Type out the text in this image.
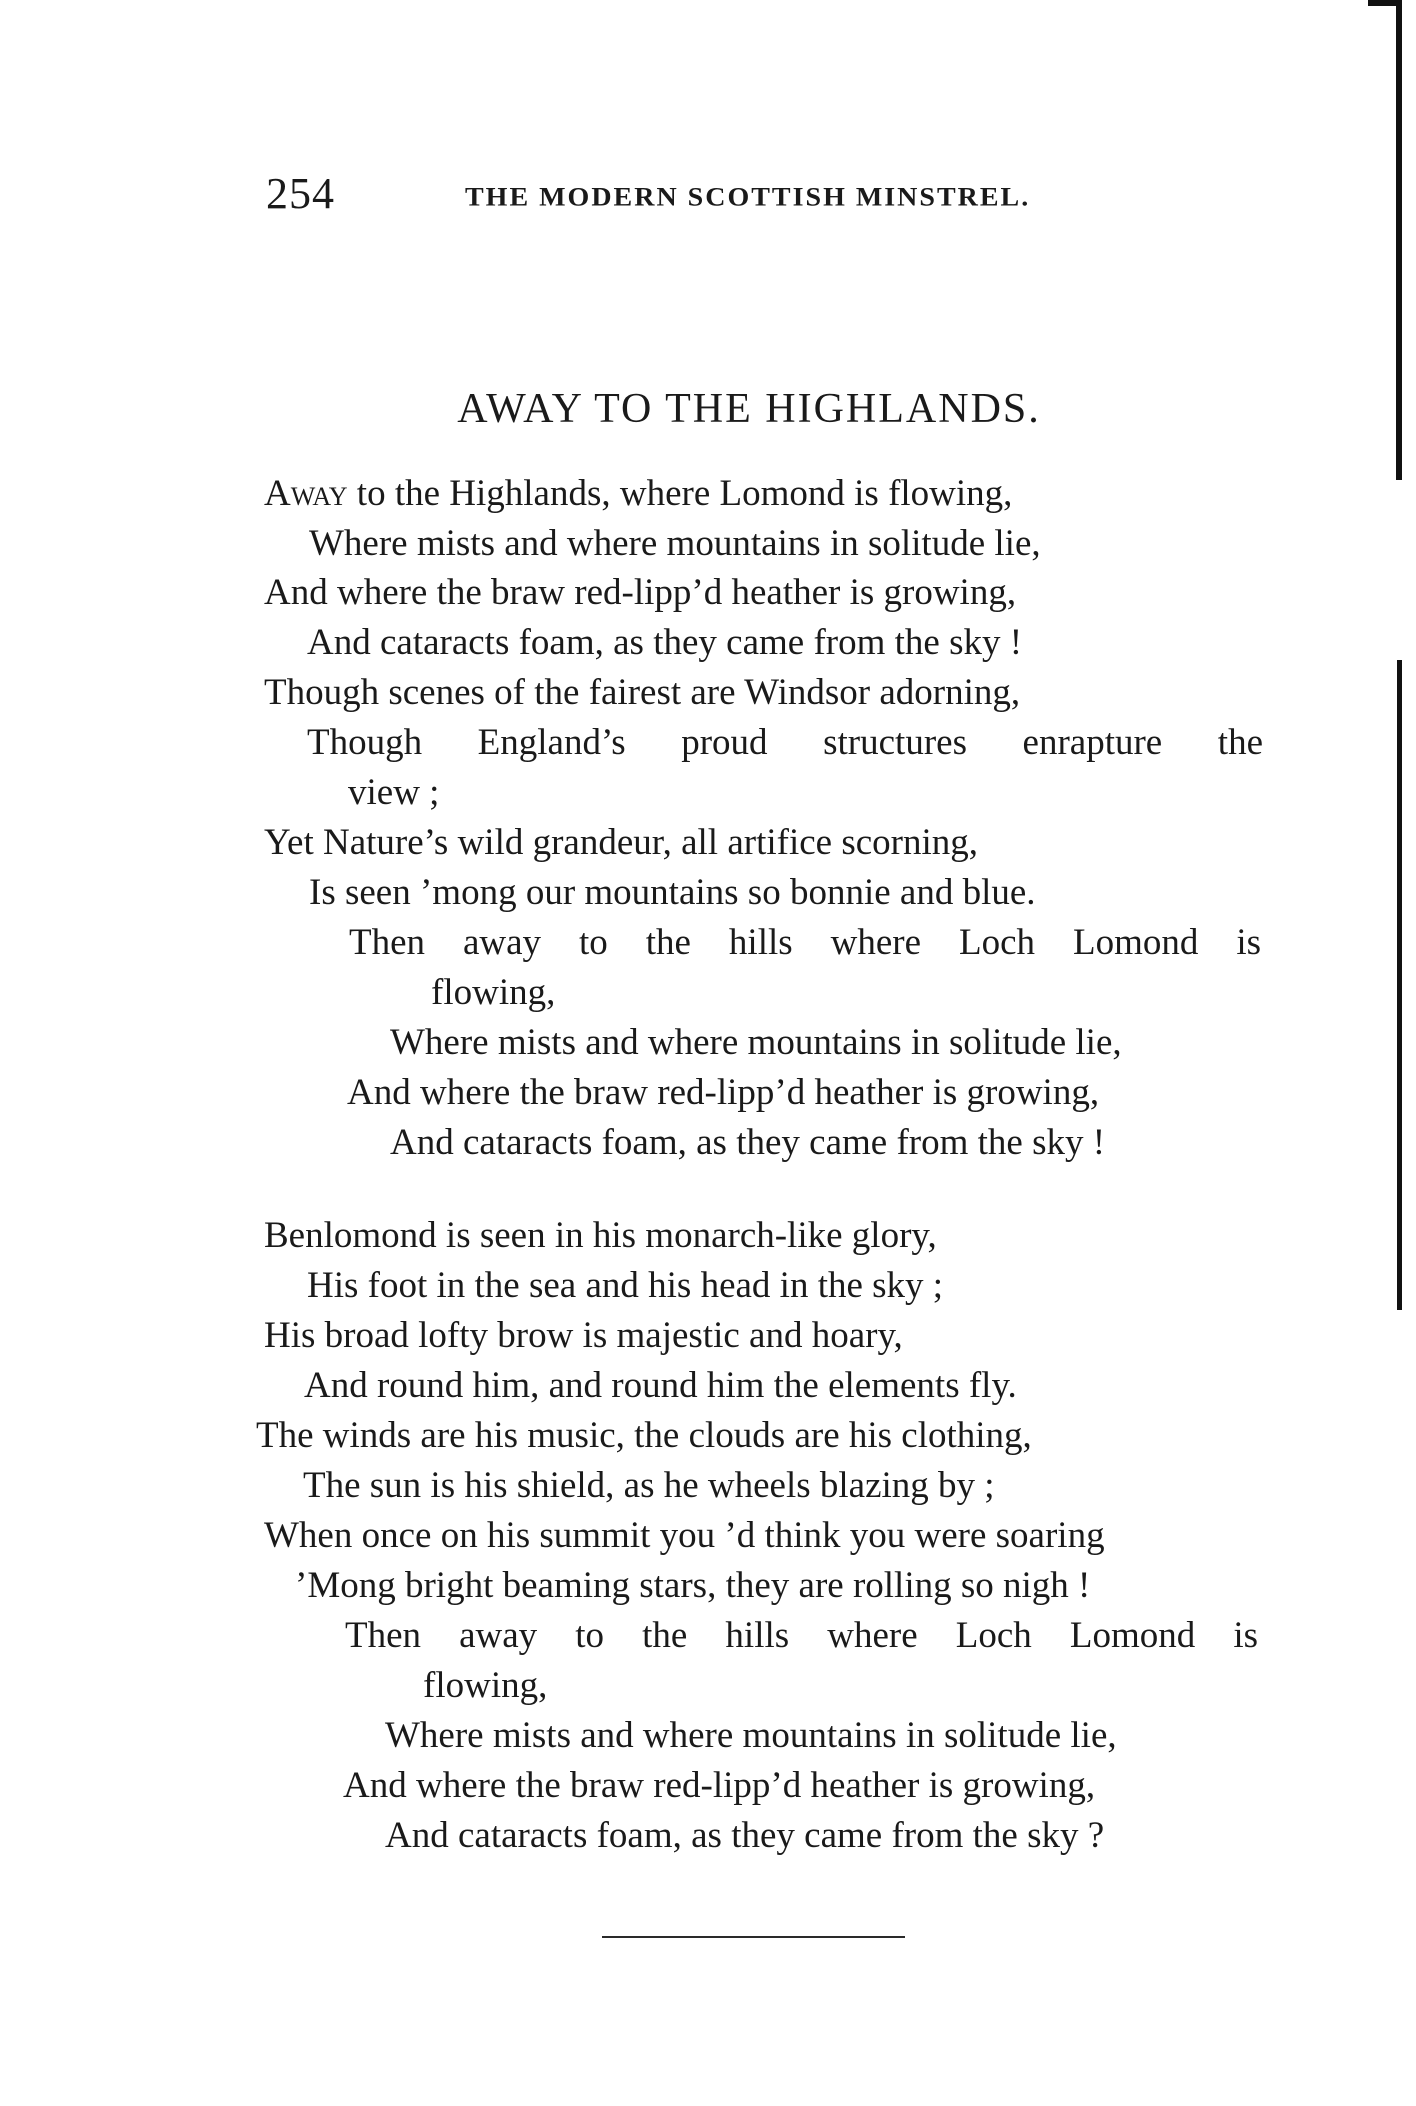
254	THE MODERN SCOTTISH MINSTREL.
AWAY TO THE HIGHLANDS.
Away to the Highlands, where Lomond is flowing,
Where mists and where mountains in solitude lie,
And where the braw red-lipp’d heather is growing,
And cataracts foam, as they came from the sky !
Though scenes of the fairest are Windsor adorning,
Though England’s proud structures enrapture the
view ;
Yet Nature’s wild grandeur, all artifice scorning,
Is seen ’mong our mountains so bonnie and blue.
Then away to the hills where Loch Lomond is
flowing,
Where mists and where mountains in solitude lie,
And where the braw red-lipp’d heather is growing,
And cataracts foam, as they came from the sky !
Benlomond is seen in his monarch-like glory,
His foot in the sea and his head in the sky ;
His broad lofty brow is majestic and hoary,
And round him, and round him the elements fly.
The winds are his music, the clouds are his clothing,
The sun is his shield, as he wheels blazing by ;
When once on his summit you ’d think you were soaring
’Mong bright beaming stars, they are rolling so nigh !
Then away to the hills where Loch Lomond is
flowing,
Where mists and where mountains in solitude lie,
And where the braw red-lipp’d heather is growing,
And cataracts foam, as they came from the sky ?
